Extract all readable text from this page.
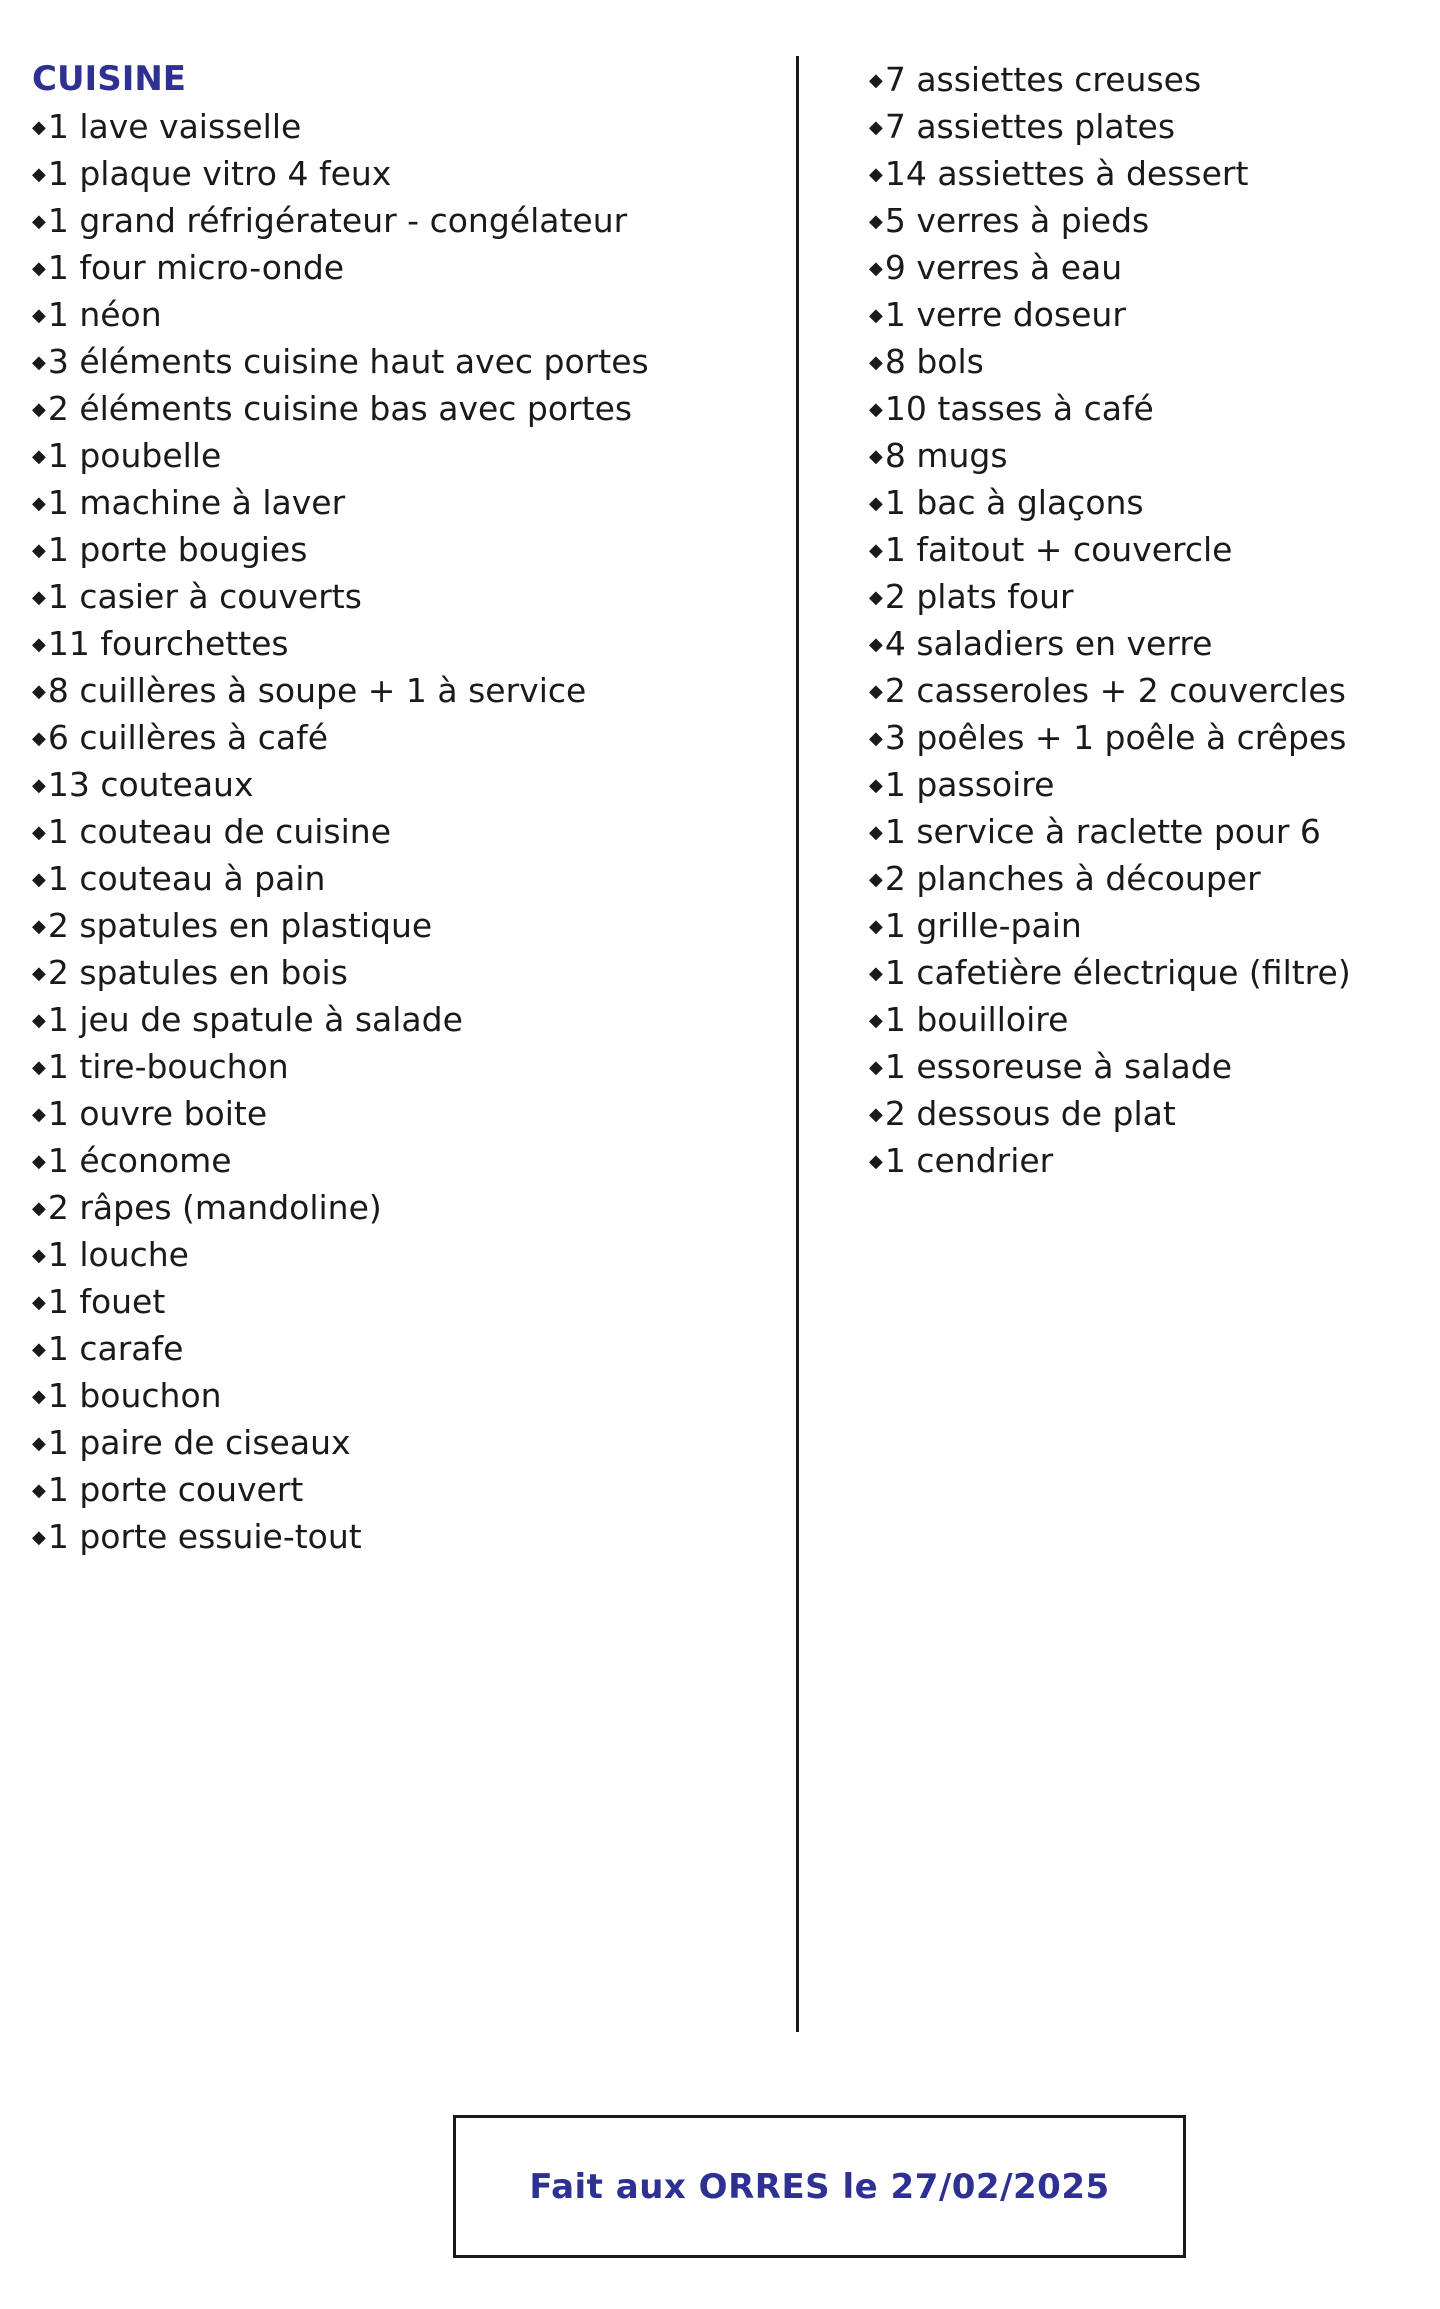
CUISINE
◆1 lave vaisselle
◆1 plaque vitro 4 feux
◆1 grand réfrigérateur - congélateur
◆1 four micro-onde
◆1 néon
◆3 éléments cuisine haut avec portes
◆2 éléments cuisine bas avec portes
◆1 poubelle
◆1 machine à laver
◆1 porte bougies
◆1 casier à couverts
◆11 fourchettes
◆8 cuillères à soupe + 1 à service
◆6 cuillères à café
◆13 couteaux
◆1 couteau de cuisine
◆1 couteau à pain
◆2 spatules en plastique
◆2 spatules en bois
◆1 jeu de spatule à salade
◆1 tire-bouchon
◆1 ouvre boite
◆1 économe
◆2 râpes (mandoline)
◆1 louche
◆1 fouet
◆1 carafe
◆1 bouchon
◆1 paire de ciseaux
◆1 porte couvert
◆1 porte essuie-tout
◆7 assiettes creuses
◆7 assiettes plates
◆14 assiettes à dessert
◆5 verres à pieds
◆9 verres à eau
◆1 verre doseur
◆8 bols
◆10 tasses à café
◆8 mugs
◆1 bac à glaçons
◆1 faitout + couvercle
◆2 plats four
◆4 saladiers en verre
◆2 casseroles + 2 couvercles
◆3 poêles + 1 poêle à crêpes
◆1 passoire
◆1 service à raclette pour 6
◆2 planches à découper
◆1 grille-pain
◆1 cafetière électrique (filtre)
◆1 bouilloire
◆1 essoreuse à salade
◆2 dessous de plat
◆1 cendrier
Fait aux ORRES le 27/02/2025
